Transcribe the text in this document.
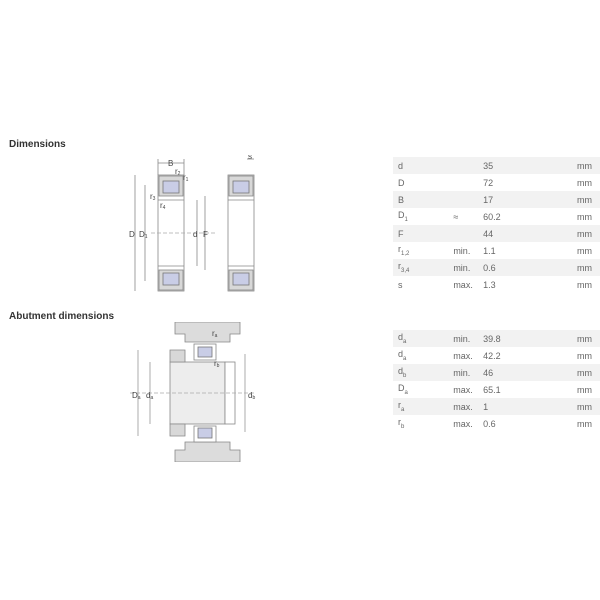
Dimensions
B
r2 r1
r3
r4
D D1	d F
s
d		35	mm
D		72	mm
B		17	mm
$D_1$	≈	60.2	mm
F		44	mm
$r_{1,2}$	min.	1.1	mm
$r_{3,4}$	min.	0.6	mm
s	max.	1.3	mm
Abutment dimensions
Da da	db
ra
rb
$d_a$	min.	39.8	mm
$d_a$	max.	42.2	mm
$d_b$	min.	46	mm
$D_a$	max.	65.1	mm
$r_a$	max.	1	mm
$r_b$	max.	0.6	mm
